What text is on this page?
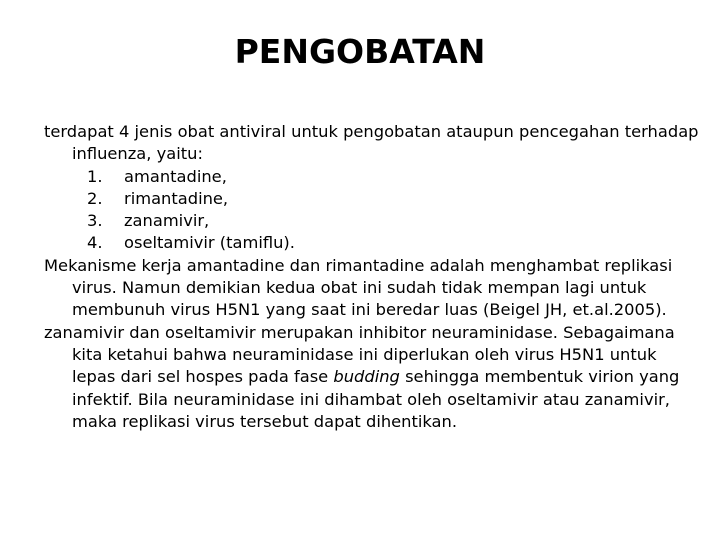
PENGOBATAN

terdapat 4 jenis obat antiviral untuk pengobatan ataupun pencegahan terhadap influenza, yaitu:

1. amantadine,
2. rimantadine,
3. zanamivir,
4. oseltamivir (tamiflu).

Mekanisme kerja amantadine dan rimantadine adalah menghambat replikasi virus. Namun demikian kedua obat ini sudah tidak mempan lagi untuk membunuh virus H5N1 yang saat ini beredar luas (Beigel JH, et.al.2005).

zanamivir dan oseltamivir merupakan inhibitor neuraminidase. Sebagaimana kita ketahui bahwa neuraminidase ini diperlukan oleh virus H5N1 untuk lepas dari sel hospes pada fase budding sehingga membentuk virion yang infektif. Bila neuraminidase ini dihambat oleh oseltamivir atau zanamivir, maka replikasi virus tersebut dapat dihentikan.
